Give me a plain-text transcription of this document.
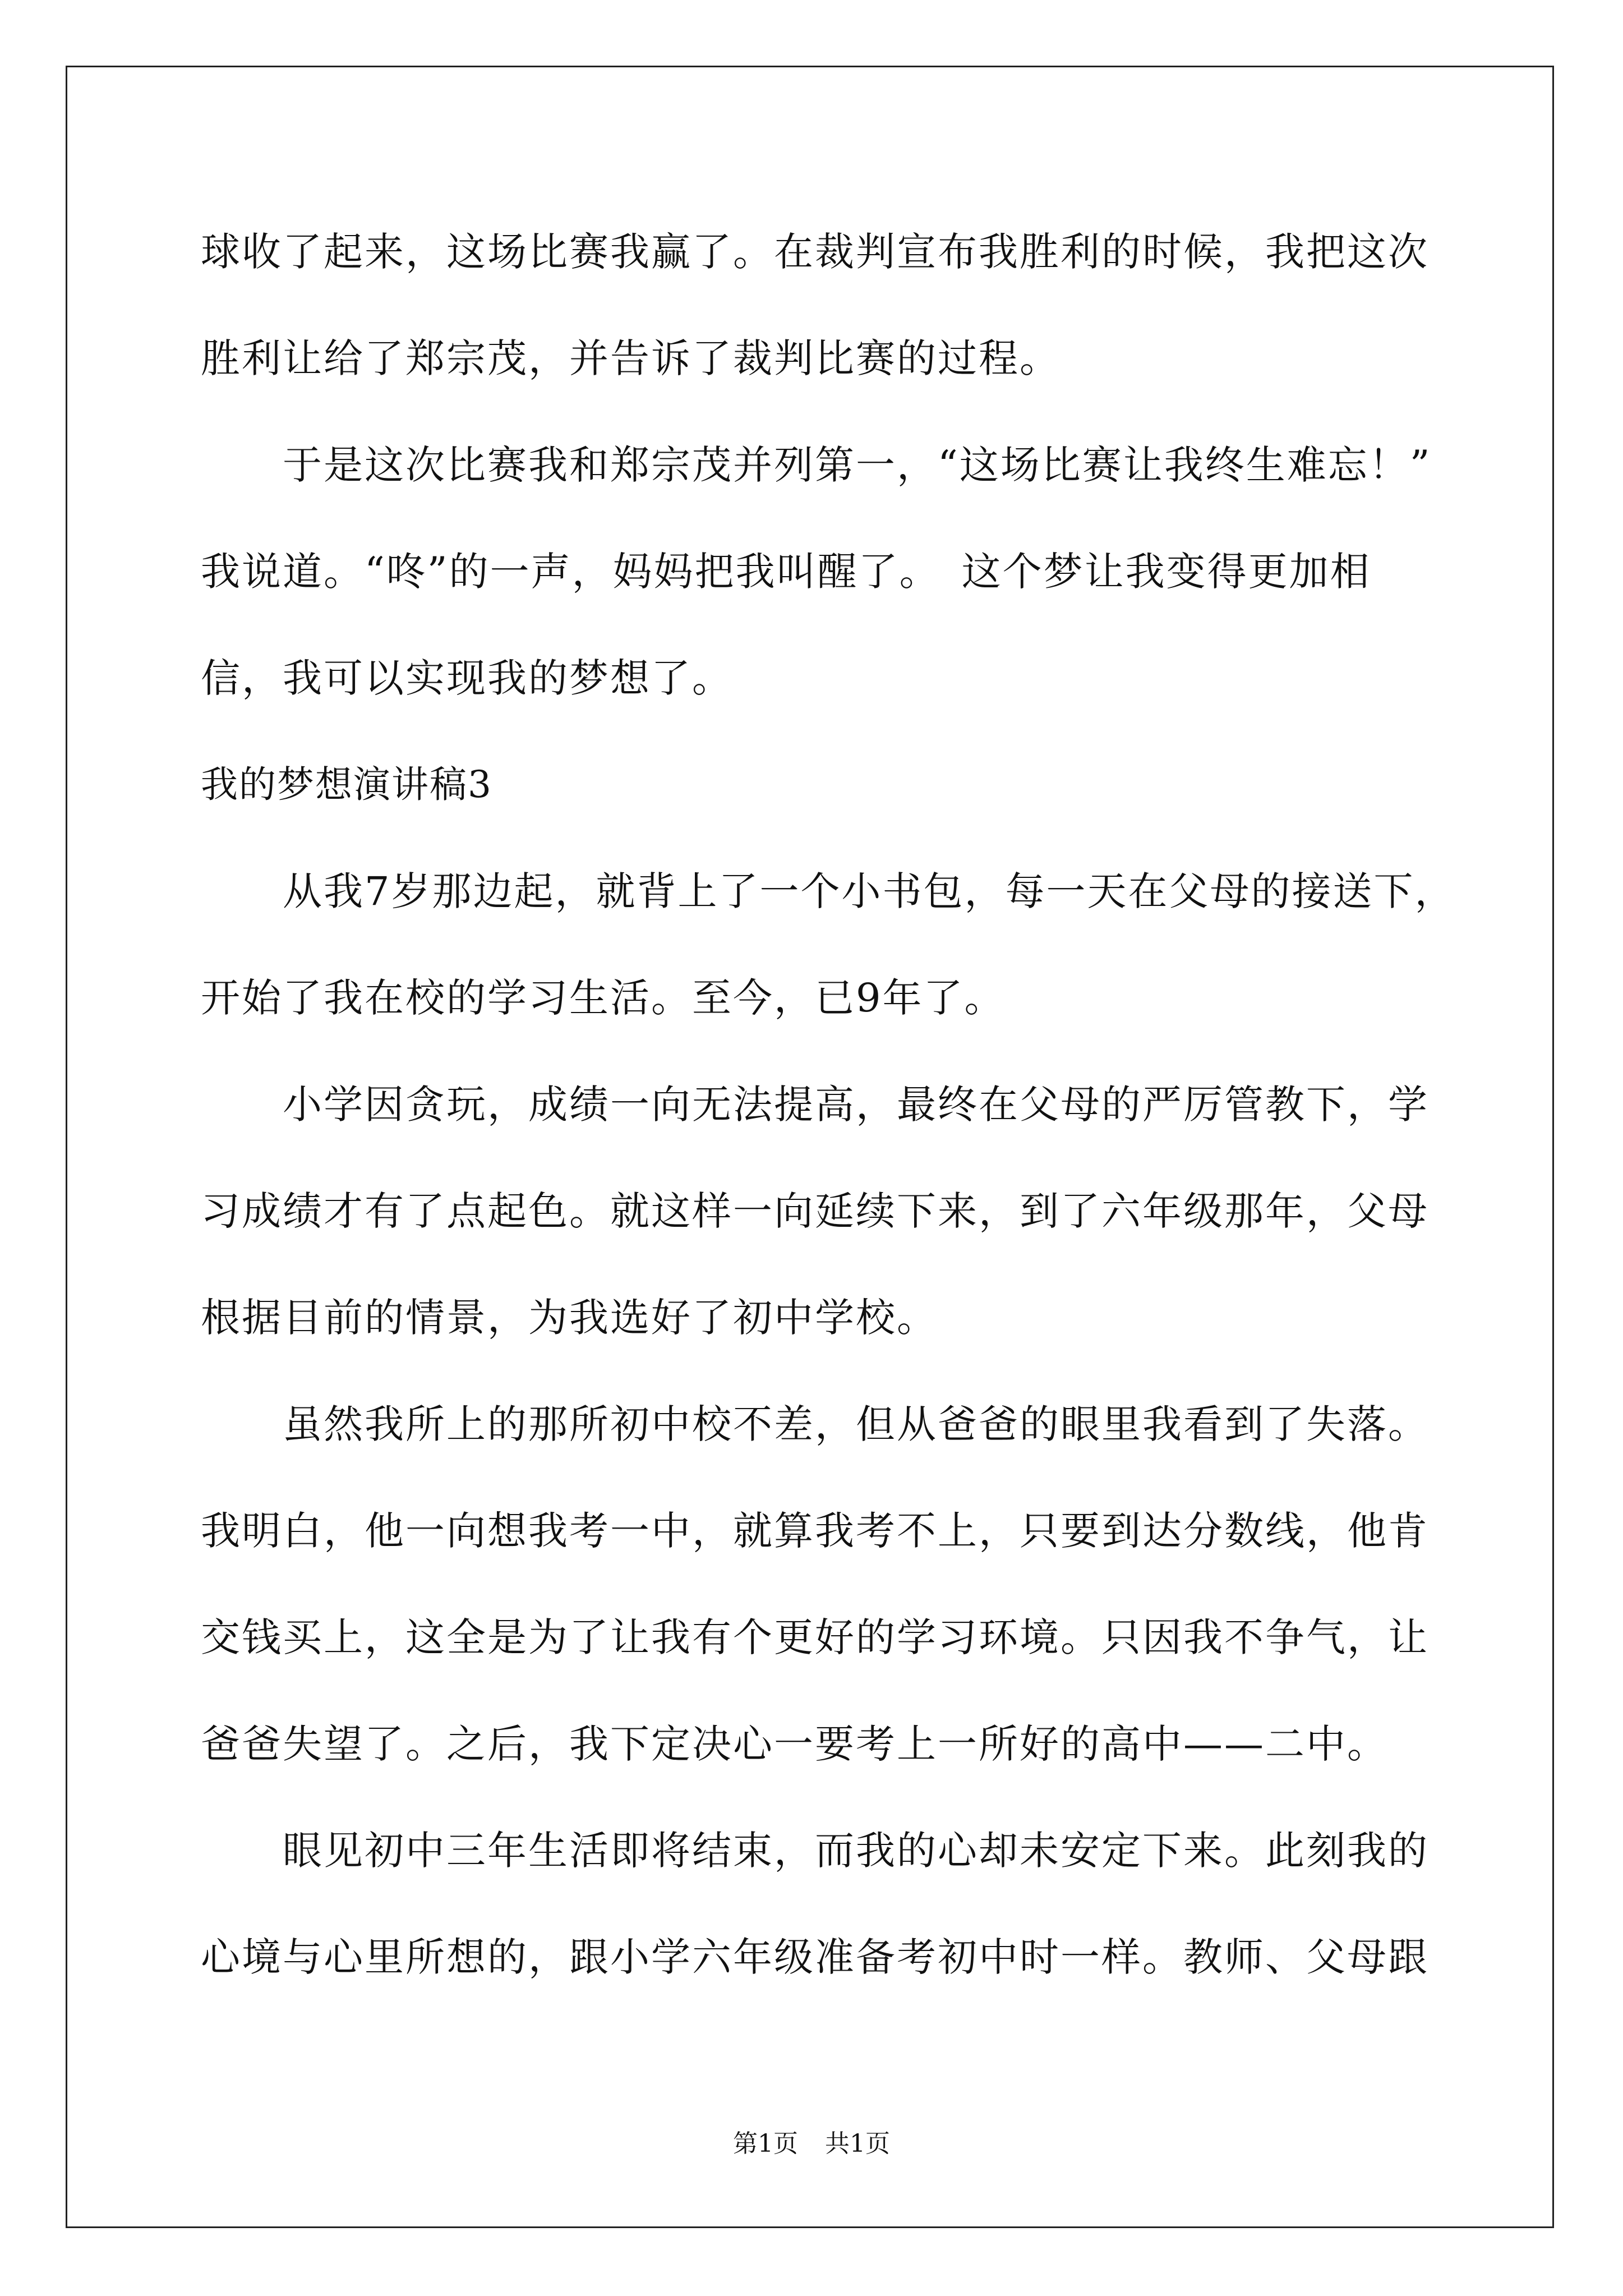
球收了起来，这场比赛我赢了。在裁判宣布我胜利的时候，我把这次
胜利让给了郑宗茂，并告诉了裁判比赛的过程。
于是这次比赛我和郑宗茂并列第一，“这场比赛让我终生难忘！”
我说道。“咚”的一声，妈妈把我叫醒了。　这个梦让我变得更加相
信，我可以实现我的梦想了。
我的梦想演讲稿3
从我7岁那边起，就背上了一个小书包，每一天在父母的接送下，
开始了我在校的学习生活。至今，已9年了。
小学因贪玩，成绩一向无法提高，最终在父母的严厉管教下，学
习成绩才有了点起色。就这样一向延续下来，到了六年级那年，父母
根据目前的情景，为我选好了初中学校。
虽然我所上的那所初中校不差，但从爸爸的眼里我看到了失落。
我明白，他一向想我考一中，就算我考不上，只要到达分数线，他肯
交钱买上，这全是为了让我有个更好的学习环境。只因我不争气，让
爸爸失望了。之后，我下定决心一要考上一所好的高中——二中。
眼见初中三年生活即将结束，而我的心却未安定下来。此刻我的
心境与心里所想的，跟小学六年级准备考初中时一样。教师、父母跟
第1页 共1页
